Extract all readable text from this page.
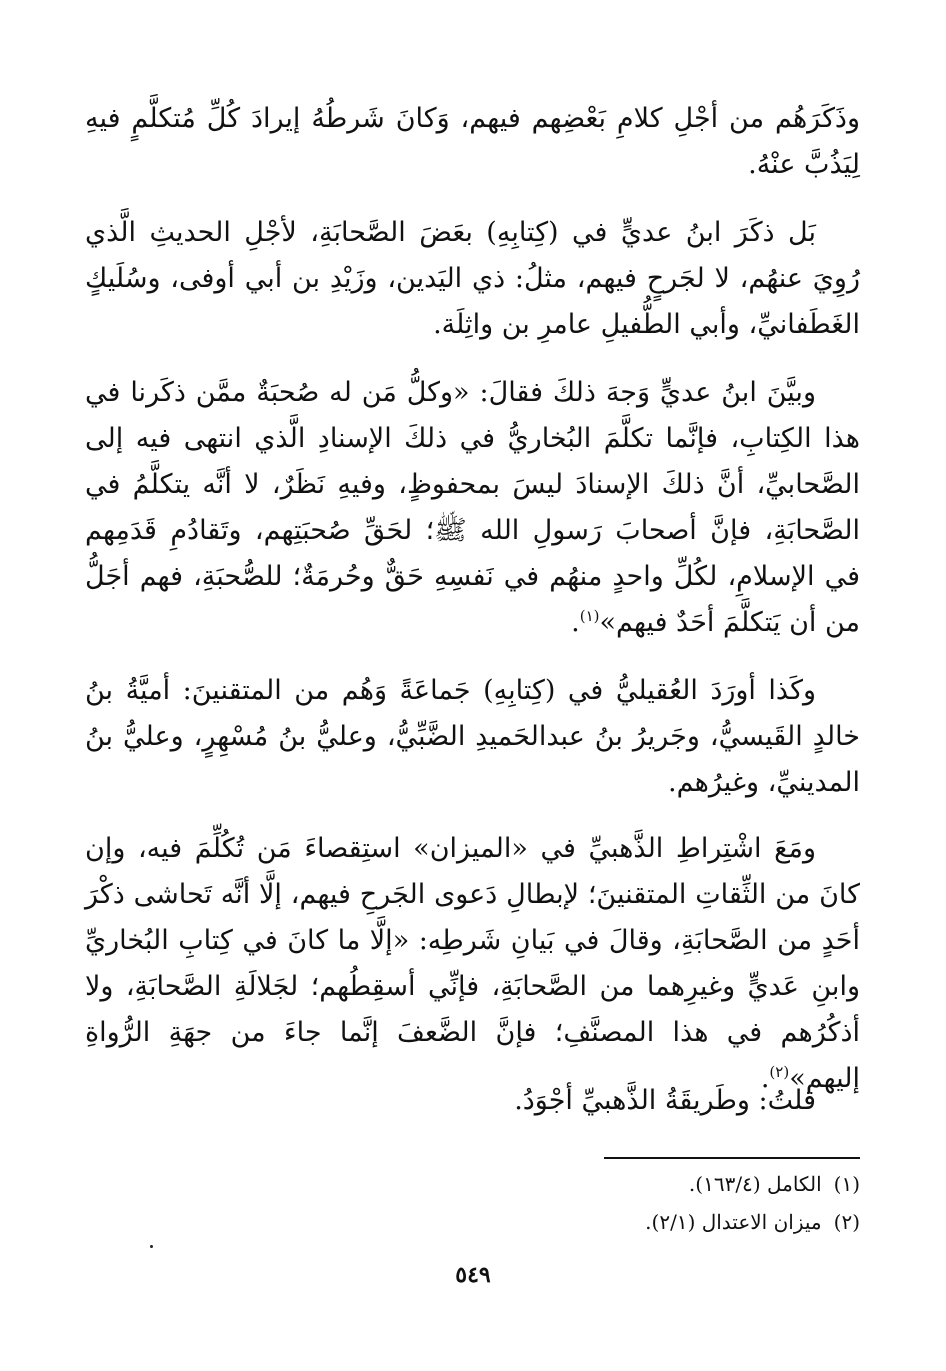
وذَكَرَهُم من أجْلِ كلامِ بَعْضِهم فيهم، وَكانَ شَرطُهُ إيرادَ كُلِّ مُتكلَّمٍ فيهِ لِيَذُبَّ عنْهُ.

بَل ذكَرَ ابنُ عديٍّ في (كِتابِهِ) بعَضَ الصَّحابَةِ، لأجْلِ الحديثِ الَّذي رُوِيَ عنهُم، لا لجَرحٍ فيهم، مثلُ: ذي اليَدين، وزَيْدِ بن أبي أوفى، وسُلَيكٍ الغَطَفانيِّ، وأبي الطُّفيلِ عامرِ بن واثِلَة.

وبيَّنَ ابنُ عديٍّ وَجهَ ذلكَ فقالَ: «وكلُّ مَن له صُحبَةٌ ممَّن ذكَرنا في هذا الكِتابِ، فإنَّما تكلَّمَ البُخاريُّ في ذلكَ الإسنادِ الَّذي انتهى فيه إلى الصَّحابيِّ، أنَّ ذلكَ الإسنادَ ليسَ بمحفوظٍ، وفيهِ نَظَرٌ، لا أنَّه يتكلَّمُ في الصَّحابَةِ، فإنَّ أصحابَ رَسولِ الله ﷺ؛ لحَقِّ صُحبَتِهم، وتَقادُمِ قَدَمِهم في الإسلامِ، لكُلِّ واحدٍ منهُم في نَفسِهِ حَقٌّ وحُرمَةٌ؛ للصُّحبَةِ، فهم أجَلُّ من أن يَتكلَّمَ أحَدٌ فيهم»$^{(١)}$.

وكَذا أورَدَ العُقيليُّ في (كِتابِهِ) جَماعَةً وَهُم من المتقنينَ: أميَّةُ بنُ خالدٍ القَيسيُّ، وجَريرُ بنُ عبدالحَميدِ الضَّبِّيُّ، وعليُّ بنُ مُسْهِرٍ، وعليُّ بنُ المدينيِّ، وغيرُهم.

ومَعَ اشْتِراطِ الذَّهبيِّ في «الميزان» استِقصاءَ مَن تُكُلِّمَ فيه، وإن كانَ من الثِّقاتِ المتقنينَ؛ لإبطالِ دَعوى الجَرحِ فيهم، إلَّا أنَّه تَحاشى ذكْرَ أحَدٍ من الصَّحابَةِ، وقالَ في بَيانِ شَرطِه: «إلَّا ما كانَ في كِتابِ البُخاريِّ وابنِ عَديٍّ وغيرِهما من الصَّحابَةِ، فإنِّي أسقِطُهم؛ لجَلالَةِ الصَّحابَةِ، ولا أذكُرُهم في هذا المصنَّفِ؛ فإنَّ الضَّعفَ إنَّما جاءَ من جهَةِ الرُّواةِ إليهم»$^{(٢)}$.

قلتُ: وطَريقَةُ الذَّهبيِّ أجْوَدُ.

(١)الكامل (١٦٣/٤).
(٢)ميزان الاعتدال (٢/١).
٥٤٩
